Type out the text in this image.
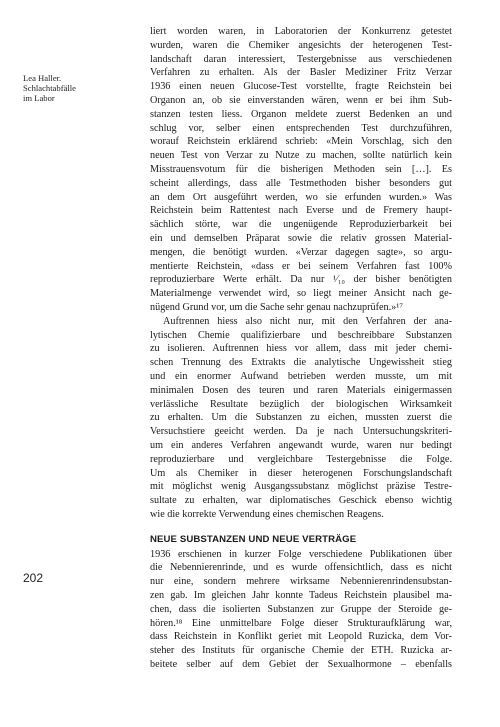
Lea Haller.
Schlachtabfälle
im Labor
202
liert worden waren, in Laboratorien der Konkurrenz getestet
wurden, waren die Chemiker angesichts der heterogenen Test-
landschaft daran interessiert, Testergebnisse aus verschiedenen
Verfahren zu erhalten. Als der Basler Mediziner Fritz Verzar
1936 einen neuen Glucose-Test vorstellte, fragte Reichstein bei
Organon an, ob sie einverstanden wären, wenn er bei ihm Sub-
stanzen testen liess. Organon meldete zuerst Bedenken an und
schlug vor, selber einen entsprechenden Test durchzuführen,
worauf Reichstein erklärend schrieb: «Mein Vorschlag, sich den
neuen Test von Verzar zu Nutze zu machen, sollte natürlich kein
Misstrauensvotum für die bisherigen Methoden sein […]. Es
scheint allerdings, dass alle Testmethoden bisher besonders gut
an dem Ort ausgeführt werden, wo sie erfunden wurden.» Was
Reichstein beim Rattentest nach Everse und de Fremery haupt-
sächlich störte, war die ungenügende Reproduzierbarkeit bei
ein und demselben Präparat sowie die relativ grossen Material-
mengen, die benötigt wurden. «Verzar dagegen sagte», so argu-
mentierte Reichstein, «dass er bei seinem Verfahren fast 100%
reproduzierbare Werte erhält. Da nur ¹⁄₁₀ der bisher benötigten
Materialmenge verwendet wird, so liegt meiner Ansicht nach ge-
nügend Grund vor, um die Sache sehr genau nachzuprüfen.»¹⁷
Auftrennen hiess also nicht nur, mit den Verfahren der ana-
lytischen Chemie qualifizierbare und beschreibbare Substanzen
zu isolieren. Auftrennen hiess vor allem, dass mit jeder chemi-
schen Trennung des Extrakts die analytische Ungewissheit stieg
und ein enormer Aufwand betrieben werden musste, um mit
minimalen Dosen des teuren und raren Materials einigermassen
verlässliche Resultate bezüglich der biologischen Wirksamkeit
zu erhalten. Um die Substanzen zu eichen, mussten zuerst die
Versuchstiere geeicht werden. Da je nach Untersuchungskriteri-
um ein anderes Verfahren angewandt wurde, waren nur bedingt
reproduzierbare und vergleichbare Testergebnisse die Folge.
Um als Chemiker in dieser heterogenen Forschungslandschaft
mit möglichst wenig Ausgangssubstanz möglichst präzise Testre-
sultate zu erhalten, war diplomatisches Geschick ebenso wichtig
wie die korrekte Verwendung eines chemischen Reagens.
NEUE SUBSTANZEN UND NEUE VERTRÄGE
1936 erschienen in kurzer Folge verschiedene Publikationen über
die Nebennierenrinde, und es wurde offensichtlich, dass es nicht
nur eine, sondern mehrere wirksame Nebennierenrindensubstan-
zen gab. Im gleichen Jahr konnte Tadeus Reichstein plausibel ma-
chen, dass die isolierten Substanzen zur Gruppe der Steroide ge-
hören.¹⁸ Eine unmittelbare Folge dieser Strukturaufklärung war,
dass Reichstein in Konflikt geriet mit Leopold Ruzicka, dem Vor-
steher des Instituts für organische Chemie der ETH. Ruzicka ar-
beitete selber auf dem Gebiet der Sexualhormone – ebenfalls
